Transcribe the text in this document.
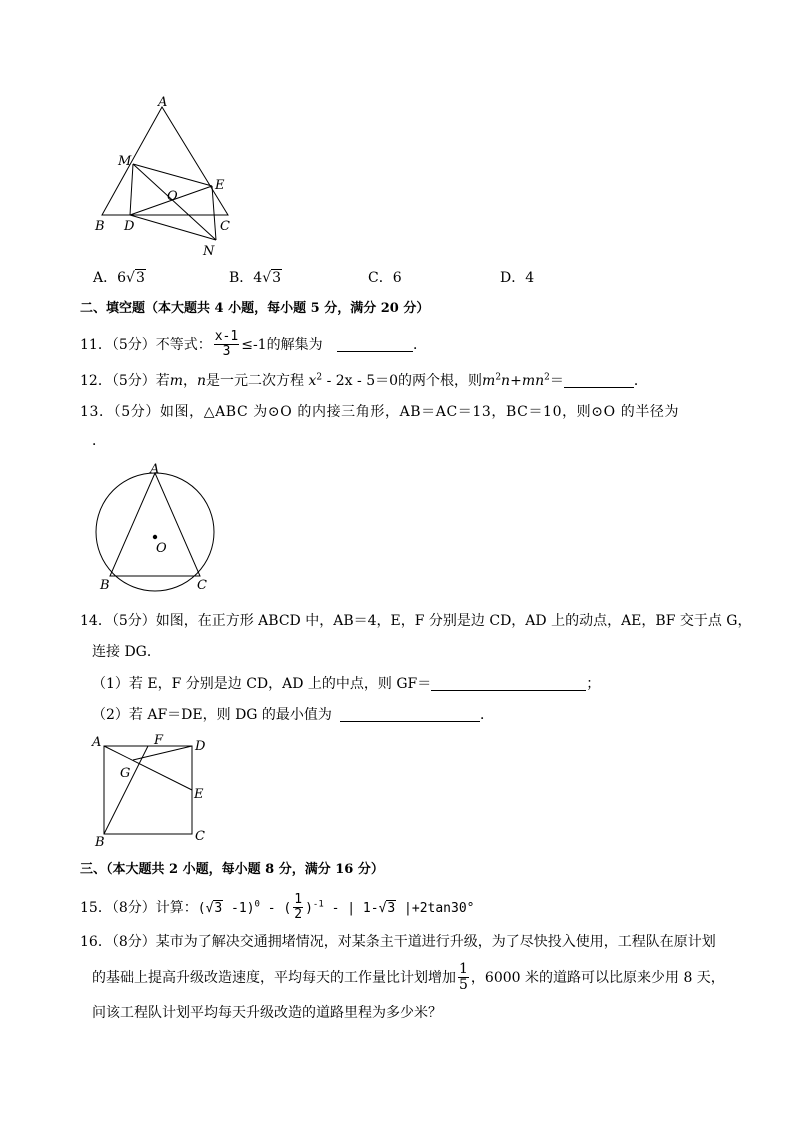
A
M
O
E
B D	C
N
A．6√3	B．4√3	C．6	D．4
二、填空题（本大题共 4 小题，每小题 5 分，满分 20 分）
11．（5分）不等式： $\frac{x-1}{3} \le-1$的解集为	．
12．（5分）若m，n是一元二次方程 $x^2 - 2x - 5=0$的两个根，则$m^2n+mn^2=$	．
13．（5分）如图，△ABC 为⊙O 的内接三角形，AB＝AC＝13，BC＝10，则⊙O 的半径为
．
A
O
B	C
14．（5分）如图，在正方形 ABCD 中，AB＝4，E，F 分别是边 CD，AD 上的动点，AE，BF 交于点 G，
连接 DG．
（1）若 E，F 分别是边 CD，AD 上的中点，则 GF＝	；
（2）若 AF＝DE，则 DG 的最小值为	．
A	F D
G
E
B	C
三、（本大题共 2 小题，每小题 8 分，满分 16 分）
15．（8分）计算：(√3 -1)$^0$ - ( $\frac{1}{2} )^{-1}$ - | 1-√3 |+2tan30°
16．（8分）某市为了解决交通拥堵情况，对某条主干道进行升级，为了尽快投入使用，工程队在原计划
的基础上提高升级改造速度，平均每天的工作量比计划增加 $\frac{1}{5}$ ，6000 米的道路可以比原来少用 8 天，
问该工程队计划平均每天升级改造的道路里程为多少米？
